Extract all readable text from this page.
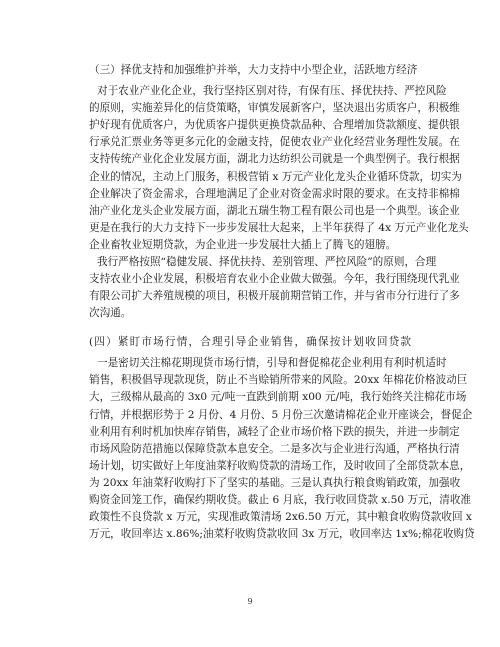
（三）择优支持和加强维护并举，大力支持中小型企业，活跃地方经济
对于农业产业化企业，我行坚持区别对待，有保有压、择优扶持、严控风险
的原则，实施差异化的信贷策略，审慎发展新客户，坚决退出劣质客户，积极维
护好现有优质客户，为优质客户提供更换贷款品种、合理增加贷款额度、提供银
行承兑汇票业务等更多元化的金融支持，促使农业产业化经营业务理性发展。在
支持传统产业化企业发展方面，湖北力达纺织公司就是一个典型例子。我行根据
企业的情况，主动上门服务，积极营销 x 万元产业化龙头企业循环贷款，切实为
企业解决了资金需求，合理地满足了企业对资金需求时限的要求。在支持非棉棉
油产业化龙头企业发展方面，湖北五瑞生物工程有限公司也是一个典型。该企业
更是在我行的大力支持下一步步发展壮大起来，上半年获得了 4x 万元产业化龙头
企业畜牧业短期贷款，为企业进一步发展壮大插上了腾飞的翅膀。
我行严格按照“稳健发展、择优扶持、差别管理、严控风险”的原则，合理
支持农业小企业发展，积极培育农业小企业做大做强。今年，我行围绕现代乳业
有限公司扩大养殖规模的项目，积极开展前期营销工作，并与省市分行进行了多
次沟通。
(四）紧盯市场行情，合理引导企业销售，确保按计划收回贷款
一是密切关注棉花期现货市场行情，引导和督促棉花企业利用有利时机适时
销售，积极倡导现款现货，防止不当赊销所带来的风险。20xx 年棉花价格波动巨
大，三级棉从最高的 3x0 元/吨一直跌到前期 x00 元/吨，我行始终关注棉花市场
行情，并根据形势于 2 月份、4 月份、5 月份三次邀请棉花企业开座谈会，督促企
业利用有利时机加快库存销售，减轻了企业市场价格下跌的损失，并进一步制定
市场风险防范措施以保障贷款本息安全。二是多次与企业进行沟通，严格执行清
场计划，切实做好上年度油菜籽收购贷款的清场工作，及时收回了全部贷款本息，
为 20xx 年油菜籽收购打下了坚实的基础。三是认真执行粮食购销政策，加强收
购资金回笼工作，确保约期收贷。截止 6 月底，我行收回贷款 x.50 万元，清收准
政策性不良贷款 x 万元，实现准政策清场 2x6.50 万元，其中粮食收购贷款收回 x
万元，收回率达 x.86%;油菜籽收购贷款收回 3x 万元，收回率达 1x%;棉花收购贷
9
